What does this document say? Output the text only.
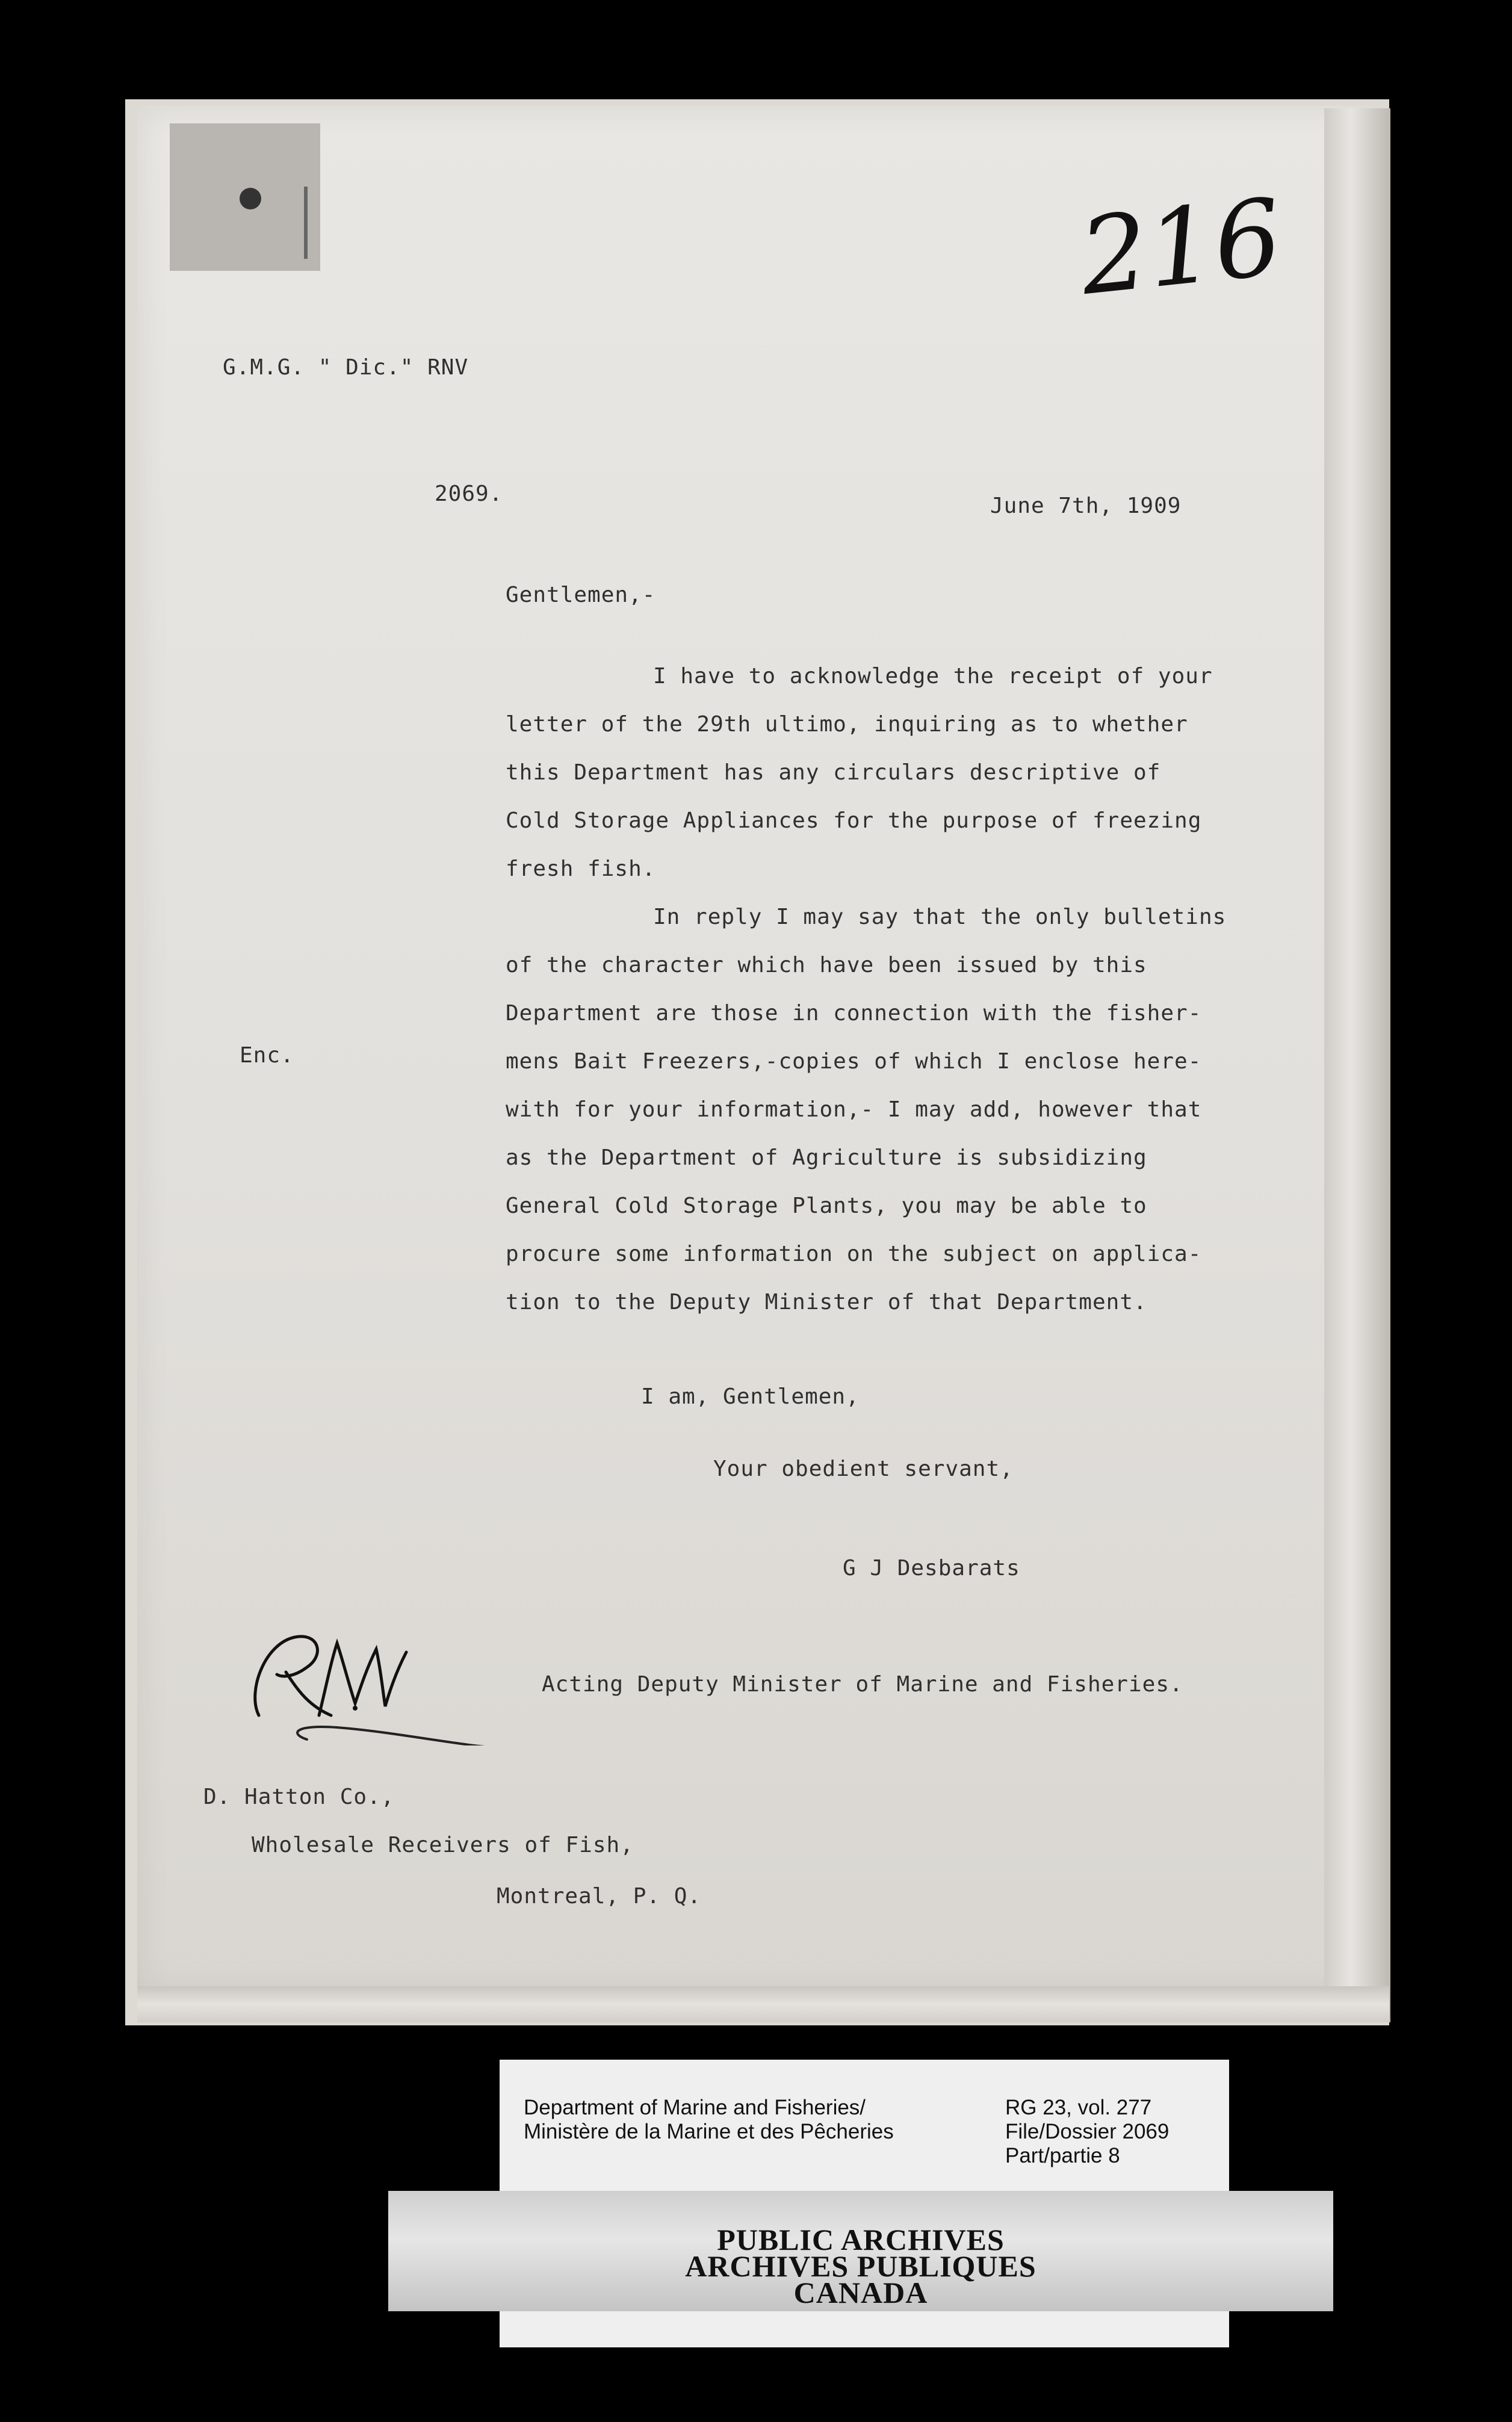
216

G.M.G. " Dic." RNV

2069.	June 7th, 1909

Gentlemen,-

I have to acknowledge the receipt of your

letter of the 29th ultimo, inquiring as to whether

this Department has any circulars descriptive of

Cold Storage Appliances for the purpose of freezing

fresh fish.

In reply I may say that the only bulletins

of the character which have been issued by this

Department are those in connection with the fisher-

mens Bait Freezers,-copies of which I enclose here-

with for your information,- I may add, however that

as the Department of Agriculture is subsidizing

General Cold Storage Plants, you may be able to

procure some information on the subject on applica-

tion to the Deputy Minister of that Department.

Enc.

I am, Gentlemen,

Your obedient servant,

G J Desbarats

Acting Deputy Minister of Marine and Fisheries.

D. Hatton Co.,

Wholesale Receivers of Fish,

Montreal, P. Q.

Department of Marine and Fisheries/

Ministère de la Marine et des Pêcheries

RG 23, vol. 277

File/Dossier 2069

Part/partie 8

PUBLIC ARCHIVES

ARCHIVES PUBLIQUES

CANADA
